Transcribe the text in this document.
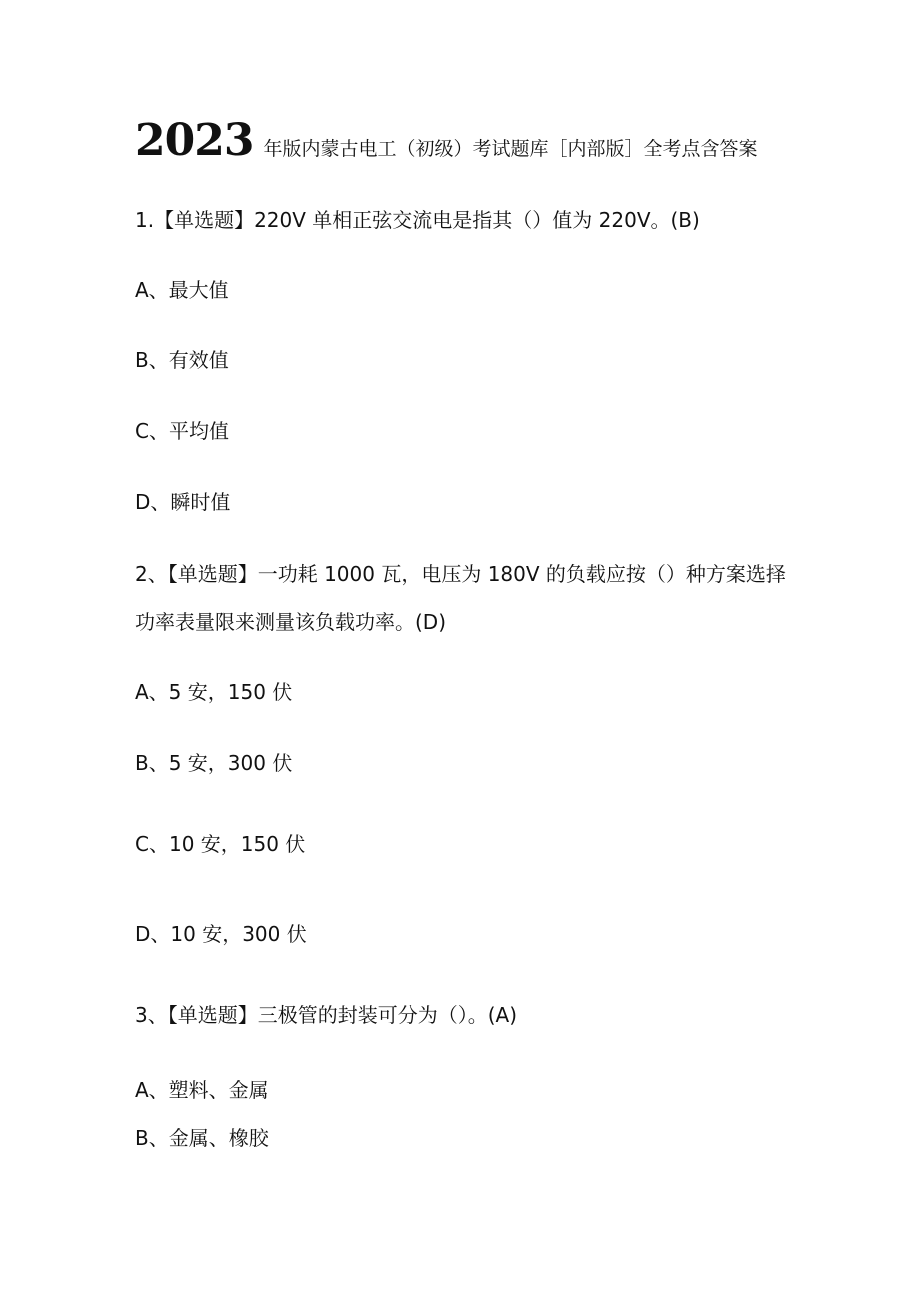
2023 年版内蒙古电工（初级）考试题库［内部版］全考点含答案
1.【单选题】220V 单相正弦交流电是指其（）值为 220V。(B)
A、最大值
B、有效值
C、平均值
D、瞬时值
2、【单选题】一功耗 1000 瓦，电压为 180V 的负载应按（）种方案选择
功率表量限来测量该负载功率。(D)
A、5 安，150 伏
B、5 安，300 伏
C、10 安，150 伏
D、10 安，300 伏
3、【单选题】三极管的封装可分为（）。(A)
A、塑料、金属
B、金属、橡胶
